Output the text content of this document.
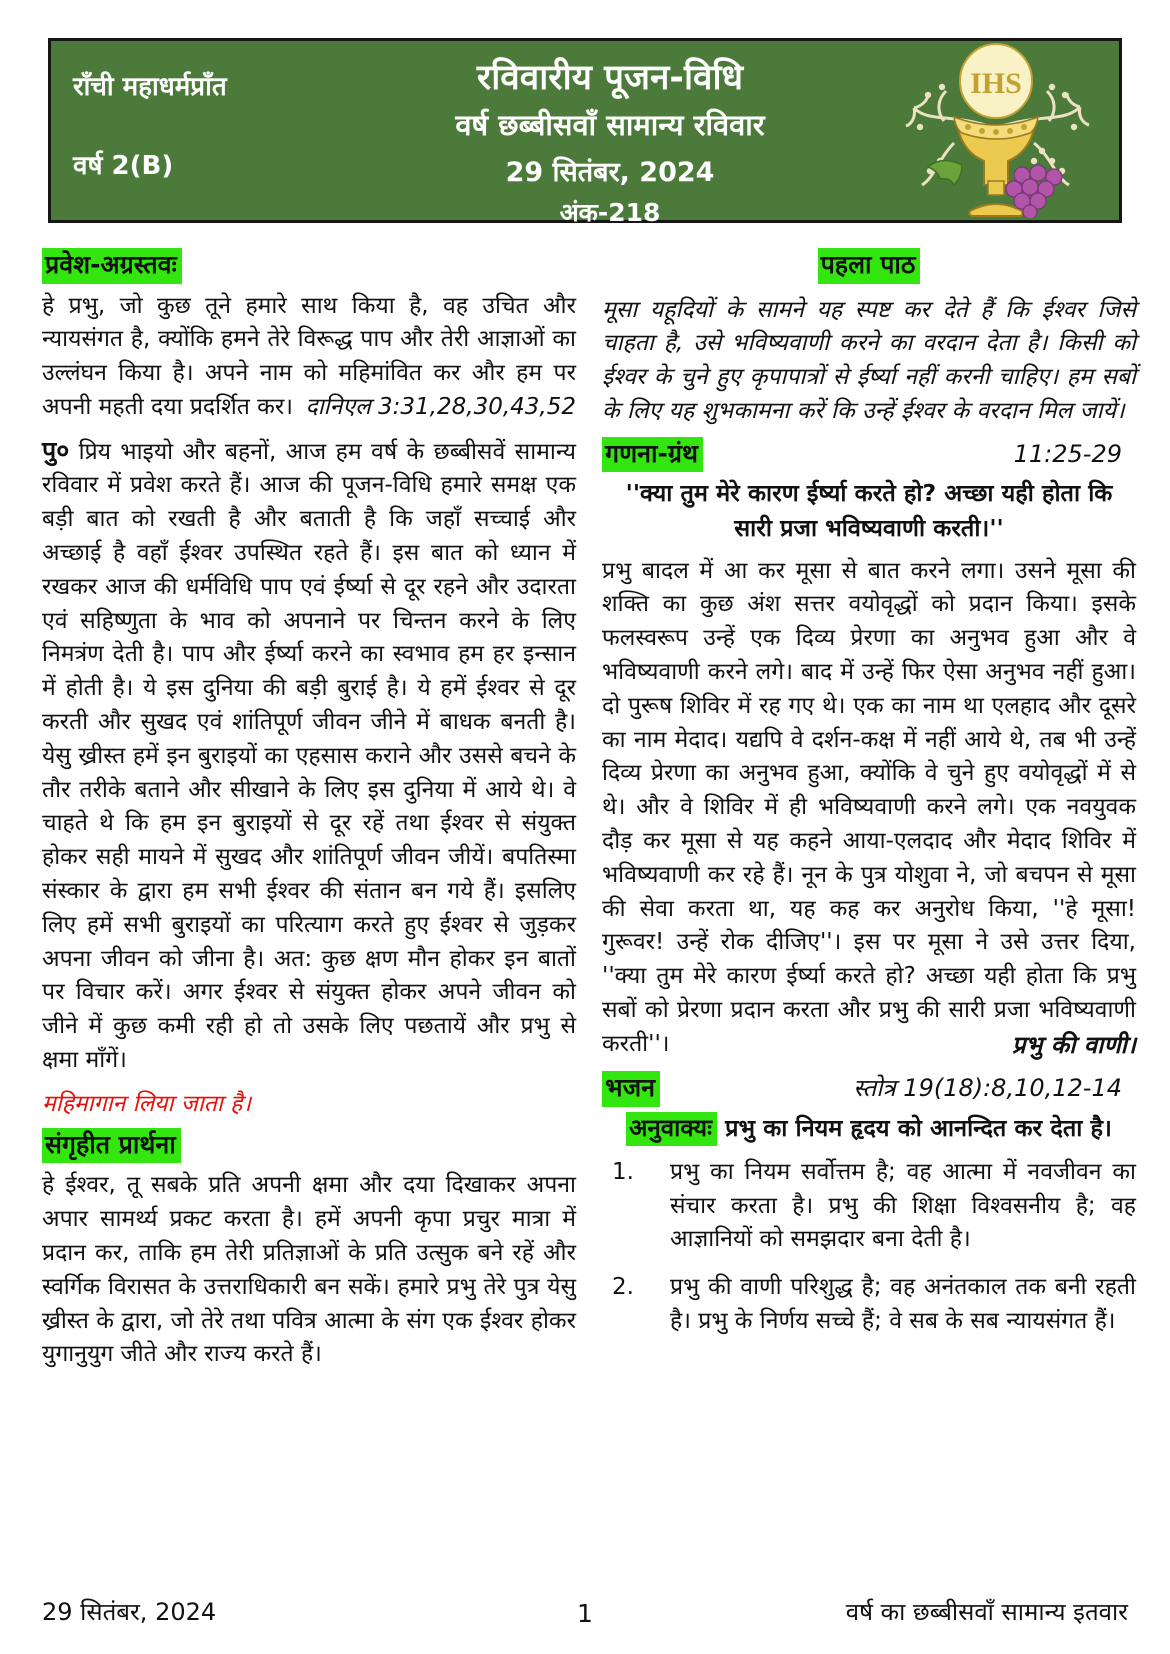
राँची महाधर्मप्राँत
वर्ष 2(B)
रविवारीय पूजन-विधि
वर्ष छब्बीसवाँ सामान्य रविवार
29 सितंबर, 2024
अंक-218
IHS
प्रवेश-अग्रस्तवः

हे प्रभु, जो कुछ तूने हमारे साथ किया है, वह उचित और न्यायसंगत है, क्योंकि हमने तेरे विरूद्ध पाप और तेरी आज्ञाओं का उल्लंघन किया है। अपने नाम को महिमांवित कर और हम पर अपनी महती दया प्रदर्शित कर। दानिएल 3:31,28,30,43,52

पु० प्रिय भाइयो और बहनों, आज हम वर्ष के छब्बीसवें सामान्य रविवार में प्रवेश करते हैं। आज की पूजन-विधि हमारे समक्ष एक बड़ी बात को रखती है और बताती है कि जहाँ सच्चाई और अच्छाई है वहाँ ईश्वर उपस्थित रहते हैं। इस बात को ध्यान में रखकर आज की धर्मविधि पाप एवं ईर्ष्या से दूर रहने और उदारता एवं सहिष्णुता के भाव को अपनाने पर चिन्तन करने के लिए निमत्रंण देती है। पाप और ईर्ष्या करने का स्वभाव हम हर इन्सान में होती है। ये इस दुनिया की बड़ी बुराई है। ये हमें ईश्वर से दूर करती और सुखद एवं शांतिपूर्ण जीवन जीने में बाधक बनती है। येसु ख्रीस्त हमें इन बुराइयों का एहसास कराने और उससे बचने के तौर तरीके बताने और सीखाने के लिए इस दुनिया में आये थे। वे चाहते थे कि हम इन बुराइयों से दूर रहें तथा ईश्वर से संयुक्त होकर सही मायने में सुखद और शांतिपूर्ण जीवन जीयें। बपतिस्मा संस्कार के द्वारा हम सभी ईश्वर की संतान बन गये हैं। इसलिए लिए हमें सभी बुराइयों का परित्याग करते हुए ईश्वर से जुड़कर अपना जीवन को जीना है। अत: कुछ क्षण मौन होकर इन बातों पर विचार करें। अगर ईश्वर से संयुक्त होकर अपने जीवन को जीने में कुछ कमी रही हो तो उसके लिए पछतायें और प्रभु से क्षमा माँगें।

महिमागान लिया जाता है।

संगृहीत प्रार्थना

हे ईश्वर, तू सबके प्रति अपनी क्षमा और दया दिखाकर अपना अपार सामर्थ्य प्रकट करता है। हमें अपनी कृपा प्रचुर मात्रा में प्रदान कर, ताकि हम तेरी प्रतिज्ञाओं के प्रति उत्सुक बने रहें और स्वर्गिक विरासत के उत्तराधिकारी बन सकें। हमारे प्रभु तेरे पुत्र येसु ख्रीस्त के द्वारा, जो तेरे तथा पवित्र आत्मा के संग एक ईश्वर होकर युगानुयुग जीते और राज्य करते हैं।

पहला पाठ

मूसा यहूदियों के सामने यह स्पष्ट कर देते हैं कि ईश्वर जिसे चाहता है, उसे भविष्यवाणी करने का वरदान देता है। किसी को ईश्वर के चुने हुए कृपापात्रों से ईर्ष्या नहीं करनी चाहिए। हम सबों के लिए यह शुभकामना करें कि उन्हें ईश्वर के वरदान मिल जायें।

गणना-ग्रंथ	11:25-29

''क्या तुम मेरे कारण ईर्ष्या करते हो? अच्छा यही होता कि सारी प्रजा भविष्यवाणी करती।''

प्रभु बादल में आ कर मूसा से बात करने लगा। उसने मूसा की शक्ति का कुछ अंश सत्तर वयोवृद्धों को प्रदान किया। इसके फलस्वरूप उन्हें एक दिव्य प्रेरणा का अनुभव हुआ और वे भविष्यवाणी करने लगे। बाद में उन्हें फिर ऐसा अनुभव नहीं हुआ। दो पुरूष शिविर में रह गए थे। एक का नाम था एलहाद और दूसरे का नाम मेदाद। यद्यपि वे दर्शन-कक्ष में नहीं आये थे, तब भी उन्हें दिव्य प्रेरणा का अनुभव हुआ, क्योंकि वे चुने हुए वयोवृद्धों में से थे। और वे शिविर में ही भविष्यवाणी करने लगे। एक नवयुवक दौड़ कर मूसा से यह कहने आया-एलदाद और मेदाद शिविर में भविष्यवाणी कर रहे हैं। नून के पुत्र योशुवा ने, जो बचपन से मूसा की सेवा करता था, यह कह कर अनुरोध किया, ''हे मूसा! गुरूवर! उन्हें रोक दीजिए''। इस पर मूसा ने उसे उत्तर दिया, ''क्या तुम मेरे कारण ईर्ष्या करते हो? अच्छा यही होता कि प्रभु सबों को प्रेरणा प्रदान करता और प्रभु की सारी प्रजा भविष्यवाणी करती''।	प्रभु की वाणी।

भजन	स्तोत्र 19(18):8,10,12-14

अनुवाक्यः प्रभु का नियम हृदय को आनन्दित कर देता है।

1.	प्रभु का नियम सर्वोत्तम है; वह आत्मा में नवजीवन का संचार करता है। प्रभु की शिक्षा विश्वसनीय है; वह आज्ञानियों को समझदार बना देती है।
2.	प्रभु की वाणी परिशुद्ध है; वह अनंतकाल तक बनी रहती है। प्रभु के निर्णय सच्चे हैं; वे सब के सब न्यायसंगत हैं।
29 सितंबर, 2024	1	वर्ष का छब्बीसवाँ सामान्य इतवार
